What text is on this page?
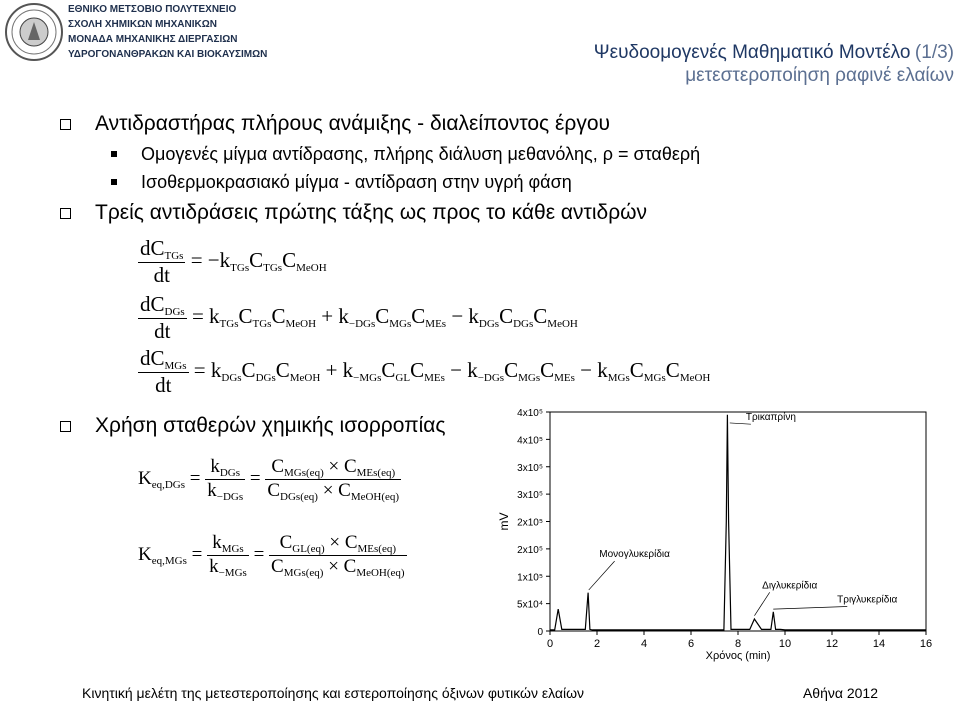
ΕΘΝΙΚΟ ΜΕΤΣΟΒΙΟ ΠΟΛΥΤΕΧΝΕΙΟ
ΣΧΟΛΗ ΧΗΜΙΚΩΝ ΜΗΧΑΝΙΚΩΝ
ΜΟΝΑΔΑ ΜΗΧΑΝΙΚΗΣ ΔΙΕΡΓΑΣΙΩΝ
ΥΔΡΟΓΟΝΑΝΘΡΑΚΩΝ ΚΑΙ ΒΙΟΚΑΥΣΙΜΩΝ	Ψευδοομογενές Μαθηματικό Μοντέλο (1/3)
μετεστεροποίηση ραφινέ ελαίων
Αντιδραστήρας πλήρους ανάμιξης - διαλείποντος έργου
Ομογενές μίγμα αντίδρασης, πλήρης διάλυση μεθανόλης, ρ = σταθερή
Ισοθερμοκρασιακό μίγμα - αντίδραση στην υγρή φάση
Τρείς αντιδράσεις πρώτης τάξης ως προς το κάθε αντιδρών
$\frac{dC_{TGs}}{dt} = -k_{TGs}C_{TGs}C_{MeOH}$
$\frac{dC_{DGs}}{dt} = k_{TGs}C_{TGs}C_{MeOH} + k_{-DGs}C_{MGs}C_{MEs} - k_{DGs}C_{DGs}C_{MeOH}$
$\frac{dC_{MGs}}{dt} = k_{DGs}C_{DGs}C_{MeOH} + k_{-MGs}C_{GL}C_{MEs} - k_{-DGs}C_{MGs}C_{MEs} - k_{MGs}C_{MGs}C_{MeOH}$
Χρήση σταθερών χημικής ισορροπίας
$K_{eq,DGs} = \frac{k_{DGs}}{k_{-DGs}} = \frac{C_{MGs(eq)} \times C_{MEs(eq)}}{C_{DGs(eq)} \times C_{MeOH(eq)}}$
$K_{eq,MGs} = \frac{k_{MGs}}{k_{-MGs}} = \frac{C_{GL(eq)} \times C_{MEs(eq)}}{C_{MGs(eq)} \times C_{MeOH(eq)}}$
0	2	4	6	8	10	12	14	16
0
5x10⁴
1x10⁵
2x10⁵
2x10⁵
3x10⁵
3x10⁵
4x10⁵
4x10⁵
Χρόνος (min)
mV
Τρικαπρίνη
Μονογλυκερίδια
Διγλυκερίδια
Τριγλυκερίδια
Κινητική μελέτη της μετεστεροποίησης και εστεροποίησης όξινων φυτικών ελαίων	Αθήνα 2012
